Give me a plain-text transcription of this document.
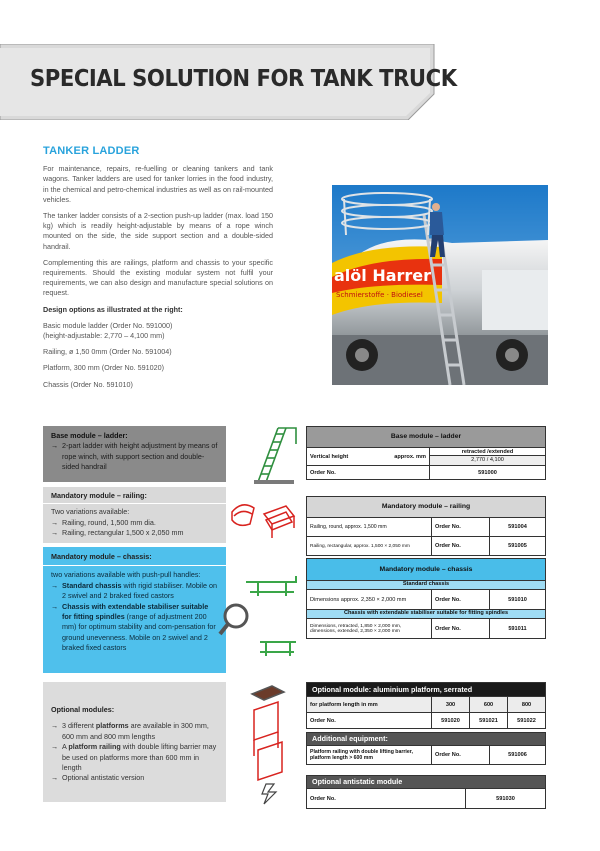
SPECIAL SOLUTION FOR TANK TRUCK
TANKER LADDER

For maintenance, repairs, re-fuelling or cleaning tankers and tank wagons. Tanker ladders are used for tanker lorries in the food industry, in the chemical and petro-chemical industries as well as on rail-mounted vehicles.

The tanker ladder consists of a 2-section push-up ladder (max. load 150 kg) which is readily height-adjustable by means of a rope winch mounted on the side, the side support section and a double-sided handrail.

Complementing this are railings, platform and chassis to your specific requirements. Should the existing modular system not fulfil your requirements, we can also design and manufacture special solutions on request.

Design options as illustrated at the right:
Basic module ladder (Order No. 591000)
(height-adjustable: 2,770 – 4,100 mm)
Railing, ø 1,50 0mm (Order No. 591004)
Platform, 300 mm (Order No. 591020)
Chassis (Order No. 591010)
alöl Harrer
Schmierstoffe · Biodiesel
Base module – ladder:
→ 2-part ladder with height adjustment by means of rope winch, with support section and double-sided handrail
Mandatory module – railing:
Two variations available:
→ Railing, round, 1,500 mm dia.
→ Railing, rectangular 1,500 x 2,050 mm
Mandatory module – chassis:
two variations available with push-pull handles:
→ Standard chassis with rigid stabiliser. Mobile on 2 swivel and 2 braked fixed castors
→ Chassis with extendable stabiliser suitable for fitting spindles (range of adjustment 200 mm) for optimum stability and com-pensation for ground unevenness. Mobile on 2 swivel and 2 braked fixed castors
Optional modules:
→ 3 different platforms are available in 300 mm, 600 mm and 800 mm lengths
→ A platform railing with double lifting barrier may be used on platforms more than 600 mm in length
→ Optional antistatic version
Base module – ladder
Vertical height	approx. mm
retracted /extended
2,770 / 4,100
Order No.	591000
Mandatory module – railing
Railing, round, approx. 1,500 mm	Order No.	591004
Railing, rectangular, approx. 1,500 × 2,050 mm	Order No.	591005
Mandatory module – chassis
Standard chassis
Dimensions approx. 2,350 × 2,000 mm	Order No.	591010
Chassis with extendable stabiliser suitable for fitting spindles
Dimensions, retracted, 1,850 × 2,000 mm,
dimensions, extended, 2,350 × 2,000 mm	Order No.	591011
Optional module: aluminium platform, serrated
for platform length in mm	300	600	800
Order No.	591020	591021	591022
Additional equipment:
Platform railing with double lifting barrier,
platform length > 600 mm	Order No.	591006
Optional antistatic module
Order No.	591030
